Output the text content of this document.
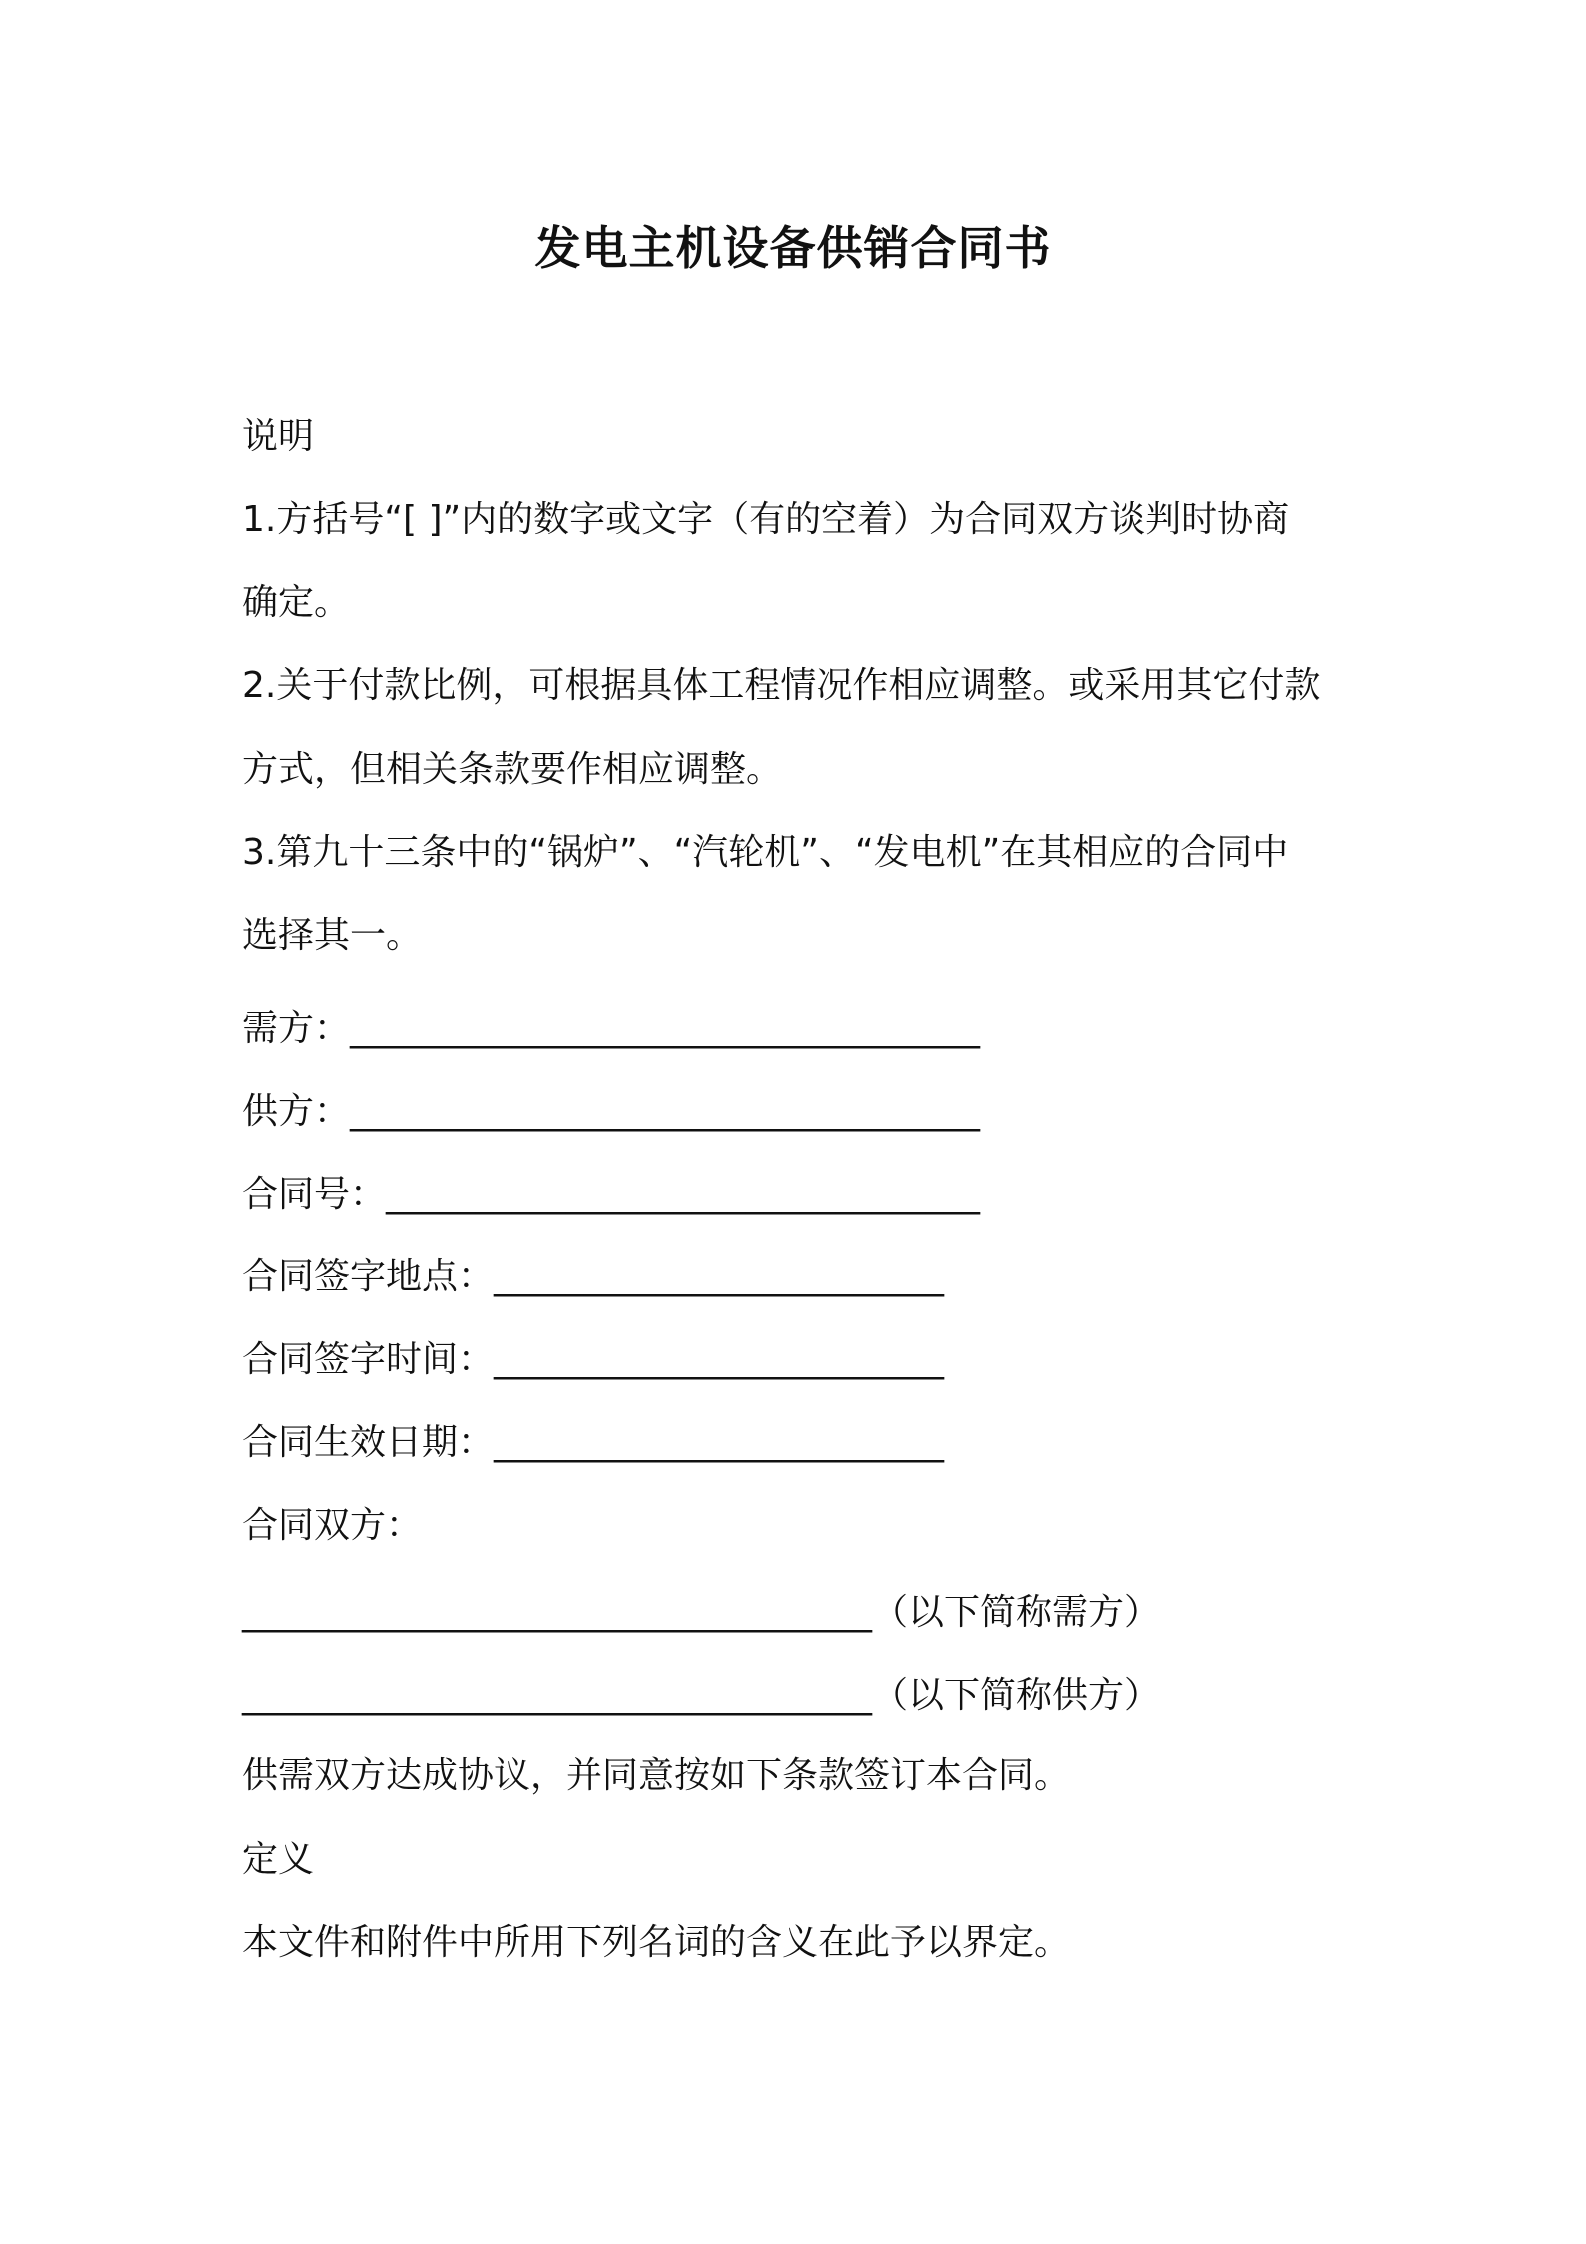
发电主机设备供销合同书
说明
1.方括号“[ ]”内的数字或文字（有的空着）为合同双方谈判时协商
确定。
2.关于付款比例，可根据具体工程情况作相应调整。或采用其它付款
方式，但相关条款要作相应调整。
3.第九十三条中的“锅炉”、“汽轮机”、“发电机”在其相应的合同中
选择其一。
需方：___________________________________
供方：___________________________________
合同号：_________________________________
合同签字地点：_________________________
合同签字时间：_________________________
合同生效日期：_________________________
合同双方：
___________________________________（以下简称需方）
___________________________________（以下简称供方）
供需双方达成协议，并同意按如下条款签订本合同。
定义
本文件和附件中所用下列名词的含义在此予以界定。
